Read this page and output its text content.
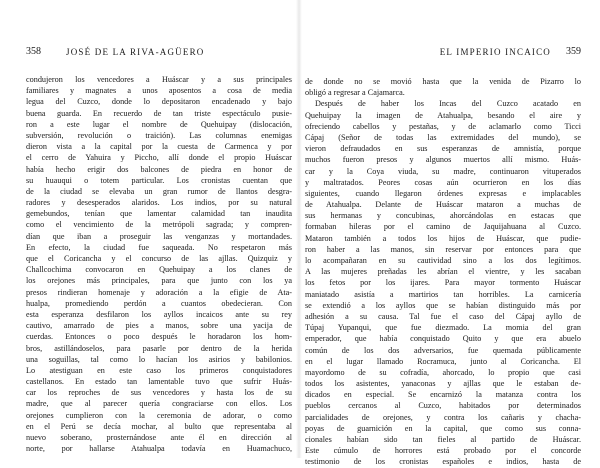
358	JOSÉ DE LA RIVA-AGÜERO
condujeron los vencedores a Huáscar y a sus principales
familiares y magnates a unos aposentos a cosa de media
legua del Cuzco, donde lo depositaron encadenado y bajo
buena guarda. En recuerdo de tan triste espectáculo pusie-
ron a este lugar el nombre de Quehuipay (dislocación,
subversión, revolución o traición). Las columnas enemigas
dieron vista a la capital por la cuesta de Carmenca y por
el cerro de Yahuira y Piccho, allí donde el propio Huáscar
había hecho erigir dos balcones de piedra en honor de
su huauqui o totem particular. Los cronistas cuentan que
de la ciudad se elevaba un gran rumor de llantos desgra-
radores y desesperados alaridos. Los indios, por su natural
gemebundos, tenían que lamentar calamidad tan inaudita
como el vencimiento de la metrópoli sagrada; y compren-
dían que iban a proseguir las venganzas y mortandades.
En efecto, la ciudad fue saqueada. No respetaron más
que el Coricancha y el concurso de las ajllas. Quizquiz y
Challcochima convocaron en Quehuipay a los clanes de
los orejones más principales, para que junto con los ya
presos rindieran homenaje y adoración a la efigie de Ata-
hualpa, promediendo perdón a cuantos obedecieran. Con
esta esperanza desfilaron los ayllos incaicos ante su rey
cautivo, amarrado de pies a manos, sobre una yacija de
cuerdas. Entonces o poco después le horadaron los hom-
bros, astillándoselos, para pasarle por dentro de la herida
una soguillas, tal como lo hacían los asirios y babilonios.
Lo atestiguan en este caso los primeros conquistadores
castellanos. En estado tan lamentable tuvo que sufrir Huás-
car los reproches de sus vencedores y hasta los de su
madre, que al parecer quería congraciarse con ellos. Los
orejones cumplieron con la ceremonia de adorar, o como
en el Perú se decía mochar, al bulto que representaba al
nuevo soberano, prosternándose ante él en dirección al
norte, por hallarse Atahualpa todavía en Huamachuco,
EL IMPERIO INCAICO 359
de donde no se movió hasta que la venida de Pizarro lo
obligó a regresar a Cajamarca.
Después de haber los Incas del Cuzco acatado en
Quehuipay la imagen de Atahualpa, besando el aire y
ofreciendo cabellos y pestañas, y de aclamarlo como Ticci
Cápaj (Señor de todas las extremidades del mundo), se
vieron defraudados en sus esperanzas de amnistía, porque
muchos fueron presos y algunos muertos allí mismo. Huás-
car y la Coya viuda, su madre, continuaron vituperados
y maltratados. Peores cosas aún ocurrieron en los días
siguientes, cuando llegaron órdenes expresas e implacables
de Atahualpa. Delante de Huáscar mataron a muchas de
sus hermanas y concubinas, ahorcándolas en estacas que
formaban hileras por el camino de Jaquijahuana al Cuzco.
Mataron también a todos los hijos de Huáscar, que pudie-
ron haber a las manos, sin reservar por entonces para que
lo acompañaran en su cautividad sino a los dos legítimos.
A las mujeres preñadas les abrían el vientre, y les sacaban
los fetos por los ijares. Para mayor tormento Huáscar
maniatado asistía a martirios tan horribles. La carnicería
se extendió a los ayllos que se habían distinguido más por
adhesión a su causa. Tal fue el caso del Cápaj ayllo de
Túpaj Yupanqui, que fue diezmado. La momia del gran
emperador, que había conquistado Quito y que era abuelo
común de los dos adversarios, fue quemada públicamente
en el lugar llamado Rocramuca, junto al Coricancha. El
mayordomo de su cofradía, ahorcado, lo propio que casi
todos los asistentes, yanaconas y ajllas que le estaban de-
dicados en especial. Se encarnizó la matanza contra los
pueblos cercanos al Cuzco, habitados por determinados
parcialidades de orejones, y contra los cañaris y chacha-
poyas de guarnición en la capital, que como sus conna-
cionales habían sido tan fieles al partido de Huáscar.
Este cúmulo de horrores está probado por el concorde
testimonio de los cronistas españoles e indios, hasta de
